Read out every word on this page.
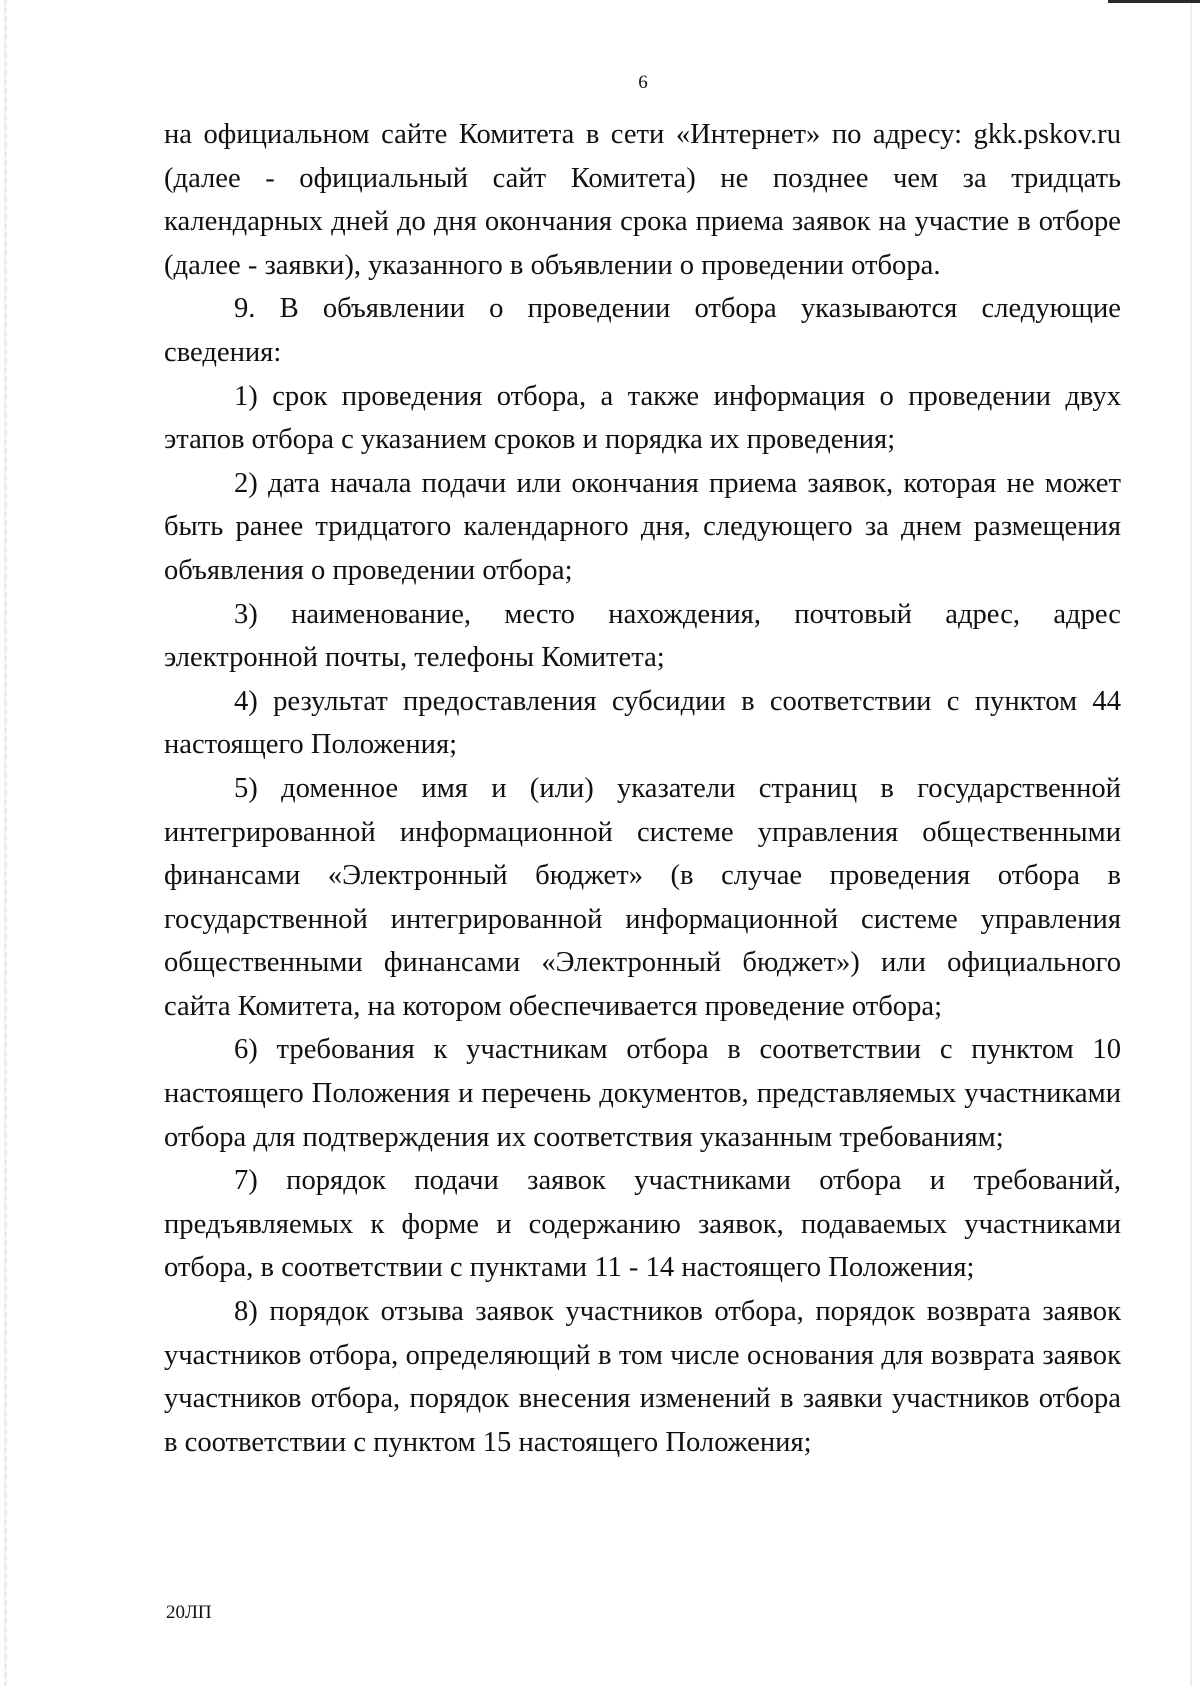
6

на официальном сайте Комитета в сети «Интернет» по адресу: gkk.pskov.ru (далее - официальный сайт Комитета) не позднее чем за тридцать календарных дней до дня окончания срока приема заявок на участие в отборе (далее - заявки), указанного в объявлении о проведении отбора.

9. В объявлении о проведении отбора указываются следующие сведения:

1) срок проведения отбора, а также информация о проведении двух этапов отбора с указанием сроков и порядка их проведения;

2) дата начала подачи или окончания приема заявок, которая не может быть ранее тридцатого календарного дня, следующего за днем размещения объявления о проведении отбора;

3) наименование, место нахождения, почтовый адрес, адрес электронной почты, телефоны Комитета;

4) результат предоставления субсидии в соответствии с пунктом 44 настоящего Положения;

5) доменное имя и (или) указатели страниц в государственной интегрированной информационной системе управления общественными финансами «Электронный бюджет» (в случае проведения отбора в государственной интегрированной информационной системе управления общественными финансами «Электронный бюджет») или официального сайта Комитета, на котором обеспечивается проведение отбора;

6) требования к участникам отбора в соответствии с пунктом 10 настоящего Положения и перечень документов, представляемых участниками отбора для подтверждения их соответствия указанным требованиям;

7) порядок подачи заявок участниками отбора и требований, предъявляемых к форме и содержанию заявок, подаваемых участниками отбора, в соответствии с пунктами 11 - 14 настоящего Положения;

8) порядок отзыва заявок участников отбора, порядок возврата заявок участников отбора, определяющий в том числе основания для возврата заявок участников отбора, порядок внесения изменений в заявки участников отбора в соответствии с пунктом 15 настоящего Положения;

20ЛП
